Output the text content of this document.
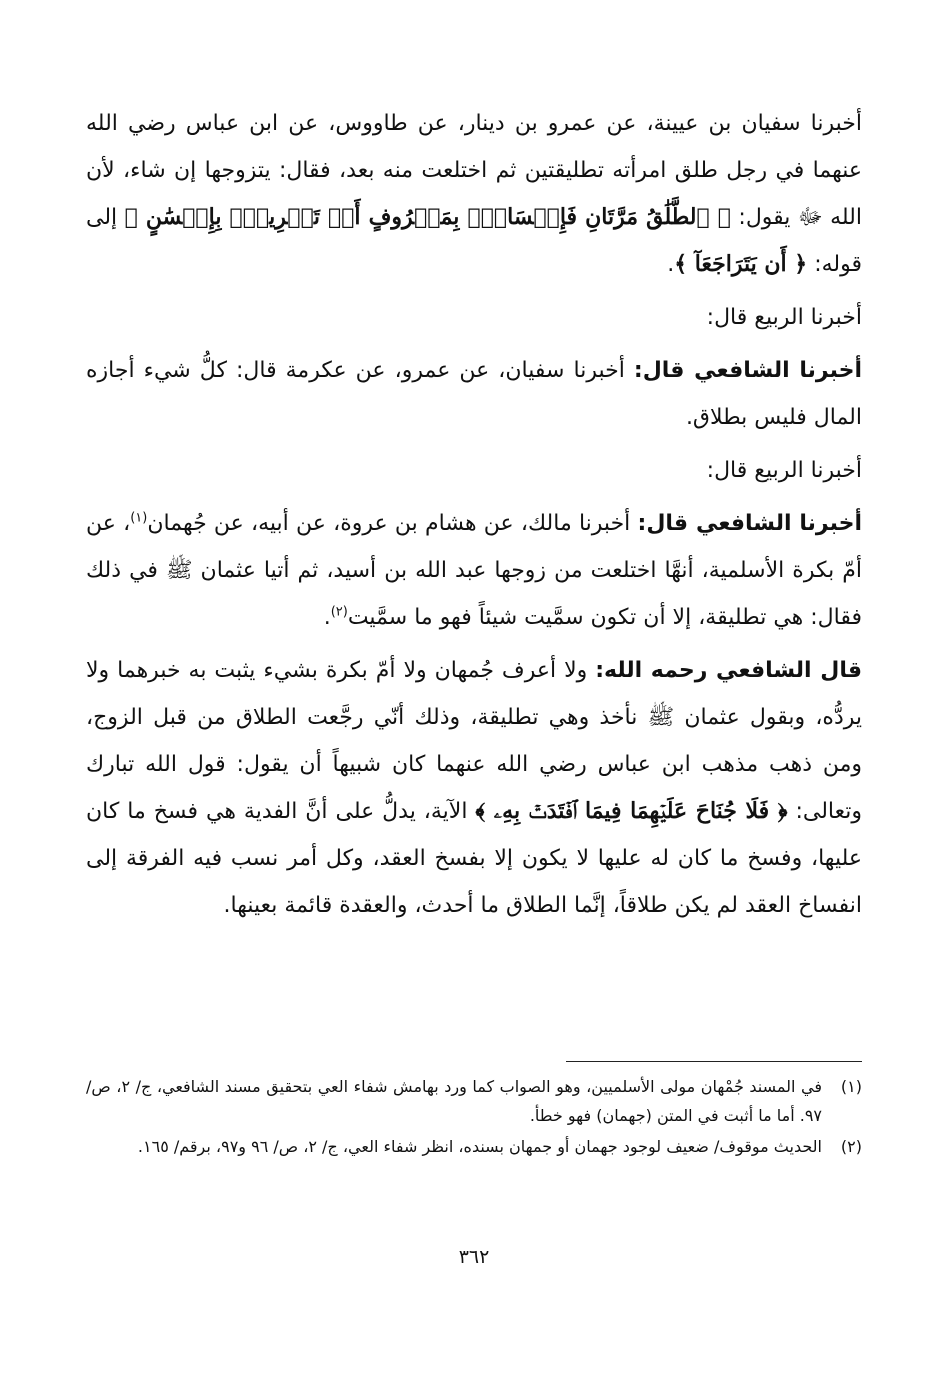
أخبرنا سفيان بن عيينة، عن عمرو بن دينار، عن طاووس، عن ابن عباس رضي الله عنهما في رجل طلق امرأته تطليقتين ثم اختلعت منه بعد، فقال: يتزوجها إن شاء، لأن الله ﷻ يقول: ﴿ ٱلطَّلَٰقُ مَرَّتَانِ فَإِمۡسَاكُۢ بِمَعۡرُوفٍ أَوۡ تَسۡرِيحُۢ بِإِحۡسَٰنٍ ﴾ إلى قوله: ﴿ أَن يَتَرَاجَعَآ ﴾.

أخبرنا الربيع قال:

أخبرنا الشافعي قال: أخبرنا سفيان، عن عمرو، عن عكرمة قال: كلُّ شيء أجازه المال فليس بطلاق.

أخبرنا الربيع قال:

أخبرنا الشافعي قال: أخبرنا مالك، عن هشام بن عروة، عن أبيه، عن جُهمان$^{(١)}$، عن أمّ بكرة الأسلمية، أنهَّا اختلعت من زوجها عبد الله بن أسيد، ثم أتيا عثمان ﷺ في ذلك فقال: هي تطليقة، إلا أن تكون سمَّيت شيئاً فهو ما سمَّيت$^{(٢)}$.

قال الشافعي رحمه الله: ولا أعرف جُمهان ولا أمّ بكرة بشيء يثبت به خبرهما ولا يردُّه، وبقول عثمان ﷺ نأخذ وهي تطليقة، وذلك أنّي رجَّعت الطلاق من قبل الزوج، ومن ذهب مذهب ابن عباس رضي الله عنهما كان شبيهاً أن يقول: قول الله تبارك وتعالى: ﴿ فَلَا جُنَاحَ عَلَيۡهِمَا فِيمَا ٱفۡتَدَتۡ بِهِۦ ﴾ الآية، يدلُّ على أنَّ الفدية هي فسخ ما كان عليها، وفسخ ما كان له عليها لا يكون إلا بفسخ العقد، وكل أمر نسب فيه الفرقة إلى انفساخ العقد لم يكن طلاقاً، إنَّما الطلاق ما أحدث، والعقدة قائمة بعينها.

(١)
في المسند جُمْهان مولى الأسلميين، وهو الصواب كما ورد بهامش شفاء العي بتحقيق مسند الشافعي، ج/ ٢، ص/ ٩٧. أما ما أثبت في المتن (جهمان) فهو خطأ.
(٢)
الحديث موقوف/ ضعيف لوجود جهمان أو جمهان بسنده، انظر شفاء العي، ج/ ٢، ص/ ٩٦ و٩٧، برقم/ ١٦٥.
٣٦٢
